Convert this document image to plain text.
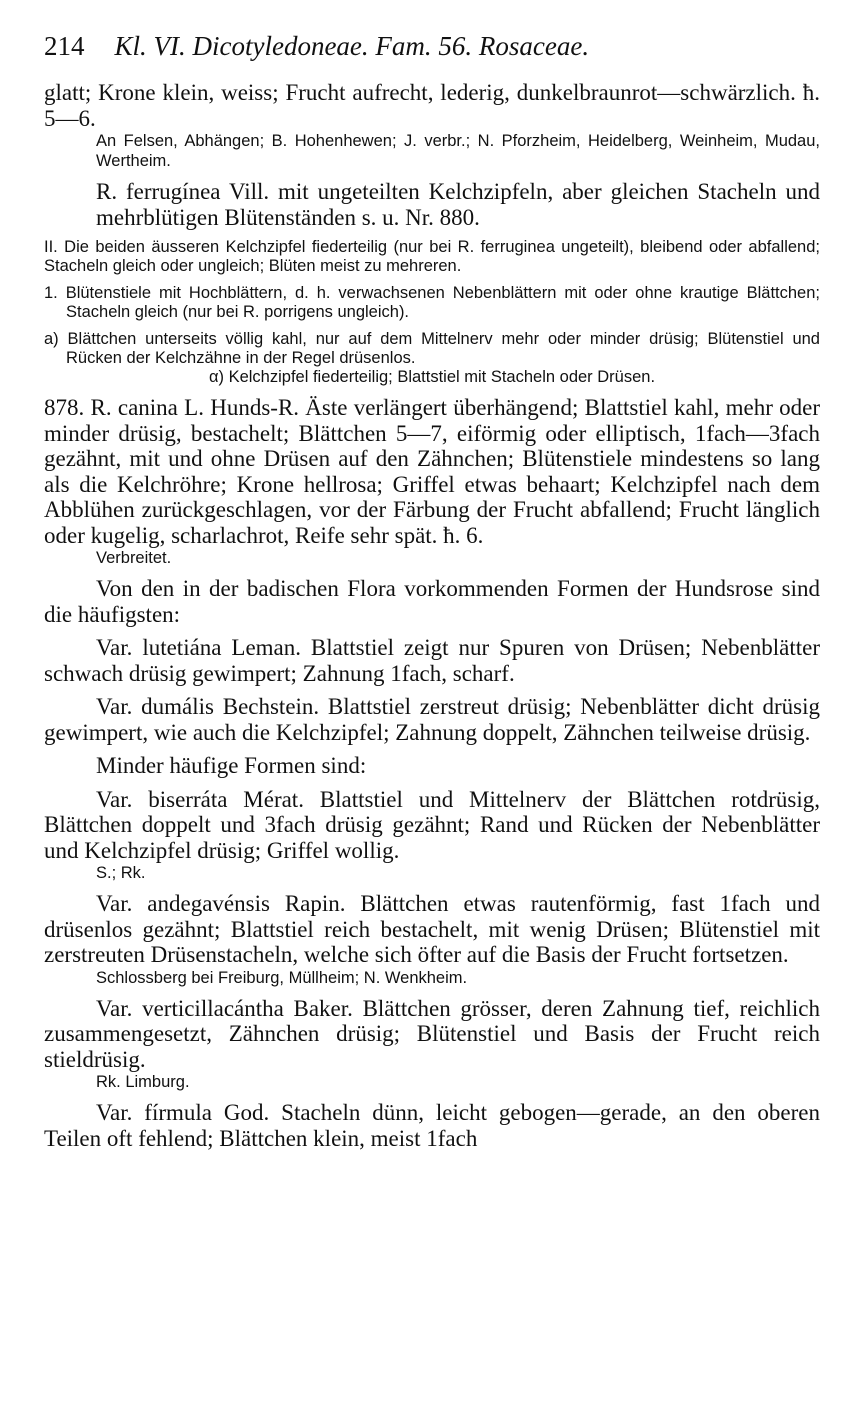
214 Kl. VI. Dicotyledoneae. Fam. 56. Rosaceae.

glatt; Krone klein, weiss; Frucht aufrecht, lederig, dunkelbraunrot—schwärzlich. ħ. 5—6.

An Felsen, Abhängen; B. Hohenhewen; J. verbr.; N. Pforzheim, Heidelberg, Weinheim, Mudau, Wertheim.

R. ferrugínea Vill. mit ungeteilten Kelchzipfeln, aber gleichen Stacheln und mehrblütigen Blütenständen s. u. Nr. 880.

II. Die beiden äusseren Kelchzipfel fiederteilig (nur bei R. ferruginea ungeteilt), bleibend oder abfallend; Stacheln gleich oder ungleich; Blüten meist zu mehreren.

1. Blütenstiele mit Hochblättern, d. h. verwachsenen Nebenblättern mit oder ohne krautige Blättchen; Stacheln gleich (nur bei R. porrigens ungleich).

a) Blättchen unterseits völlig kahl, nur auf dem Mittelnerv mehr oder minder drüsig; Blütenstiel und Rücken der Kelchzähne in der Regel drüsenlos.

α) Kelchzipfel fiederteilig; Blattstiel mit Stacheln oder Drüsen.

878. R. canina L. Hunds-R. Äste verlängert überhängend; Blattstiel kahl, mehr oder minder drüsig, bestachelt; Blättchen 5—7, eiförmig oder elliptisch, 1fach—3fach gezähnt, mit und ohne Drüsen auf den Zähnchen; Blütenstiele mindestens so lang als die Kelchröhre; Krone hellrosa; Griffel etwas behaart; Kelchzipfel nach dem Abblühen zurückgeschlagen, vor der Färbung der Frucht abfallend; Frucht länglich oder kugelig, scharlachrot, Reife sehr spät. ħ. 6.

Verbreitet.

Von den in der badischen Flora vorkommenden Formen der Hundsrose sind die häufigsten:

Var. lutetiána Leman. Blattstiel zeigt nur Spuren von Drüsen; Nebenblätter schwach drüsig gewimpert; Zahnung 1fach, scharf.

Var. dumális Bechstein. Blattstiel zerstreut drüsig; Nebenblätter dicht drüsig gewimpert, wie auch die Kelchzipfel; Zahnung doppelt, Zähnchen teilweise drüsig.

Minder häufige Formen sind:

Var. biserráta Mérat. Blattstiel und Mittelnerv der Blättchen rotdrüsig, Blättchen doppelt und 3fach drüsig gezähnt; Rand und Rücken der Nebenblätter und Kelchzipfel drüsig; Griffel wollig.

S.; Rk.

Var. andegavénsis Rapin. Blättchen etwas rautenförmig, fast 1fach und drüsenlos gezähnt; Blattstiel reich bestachelt, mit wenig Drüsen; Blütenstiel mit zerstreuten Drüsenstacheln, welche sich öfter auf die Basis der Frucht fortsetzen.

Schlossberg bei Freiburg, Müllheim; N. Wenkheim.

Var. verticillacántha Baker. Blättchen grösser, deren Zahnung tief, reichlich zusammengesetzt, Zähnchen drüsig; Blütenstiel und Basis der Frucht reich stieldrüsig.

Rk. Limburg.

Var. fírmula God. Stacheln dünn, leicht gebogen—gerade, an den oberen Teilen oft fehlend; Blättchen klein, meist 1fach
